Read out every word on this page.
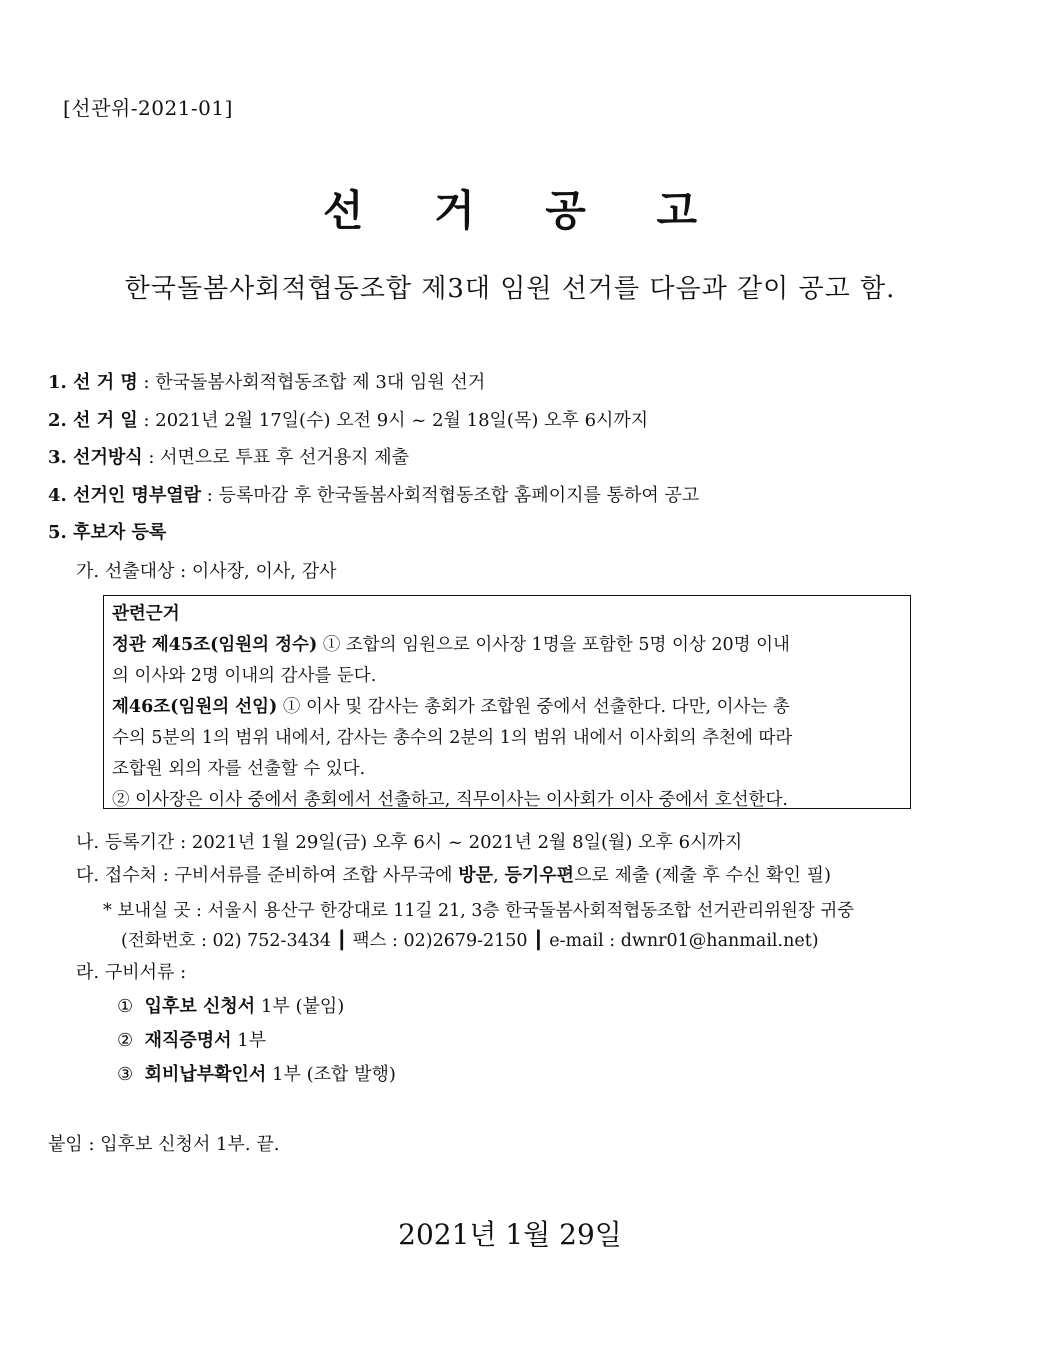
[선관위-2021-01]
선 거 공 고
한국돌봄사회적협동조합 제3대 임원 선거를 다음과 같이 공고 함.
1. 선 거 명 : 한국돌봄사회적협동조합 제 3대 임원 선거
2. 선 거 일 : 2021년 2월 17일(수) 오전 9시 ~ 2월 18일(목) 오후 6시까지
3. 선거방식 : 서면으로 투표 후 선거용지 제출
4. 선거인 명부열람 : 등록마감 후 한국돌봄사회적협동조합 홈페이지를 통하여 공고
5. 후보자 등록
가. 선출대상 : 이사장, 이사, 감사
관련근거
정관 제45조(임원의 정수) ① 조합의 임원으로 이사장 1명을 포함한 5명 이상 20명 이내
의 이사와 2명 이내의 감사를 둔다.
제46조(임원의 선임) ① 이사 및 감사는 총회가 조합원 중에서 선출한다. 다만, 이사는 총
수의 5분의 1의 범위 내에서, 감사는 총수의 2분의 1의 범위 내에서 이사회의 추천에 따라
조합원 외의 자를 선출할 수 있다.
② 이사장은 이사 중에서 총회에서 선출하고, 직무이사는 이사회가 이사 중에서 호선한다.
나. 등록기간 : 2021년 1월 29일(금) 오후 6시 ~ 2021년 2월 8일(월) 오후 6시까지
다. 접수처 : 구비서류를 준비하여 조합 사무국에 방문, 등기우편으로 제출 (제출 후 수신 확인 필)
* 보내실 곳 : 서울시 용산구 한강대로 11길 21, 3층 한국돌봄사회적협동조합 선거관리위원장 귀중
(전화번호 : 02) 752-3434 ┃ 팩스 : 02)2679-2150 ┃ e-mail : dwnr01@hanmail.net)
라. 구비서류 :
① 입후보 신청서 1부 (붙임)
② 재직증명서 1부
③ 회비납부확인서 1부 (조합 발행)
붙임 : 입후보 신청서 1부. 끝.
2021년 1월 29일
